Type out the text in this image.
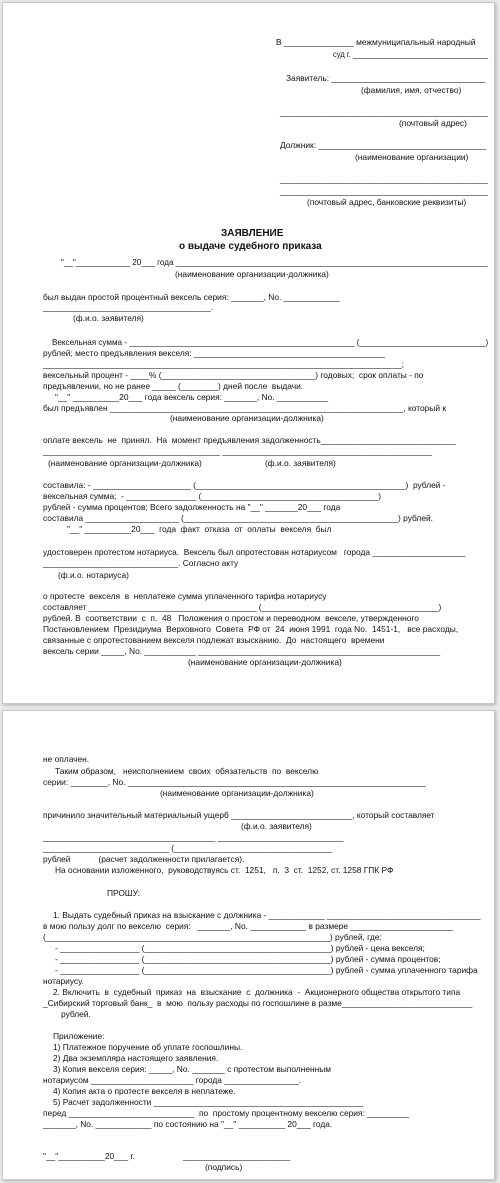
В _______________ межмуниципальный народный
суд г. ________________________________
Заявитель: _________________________________
(фамилия, имя, отчество)
__________________________________________________
(почтовый адрес)
Должник: ____________________________________
(наименование организации)
__________________________________________________
__________________________________________________
(почтовый адрес, банковские реквизиты)
ЗАЯВЛЕНИЕ
о выдаче судебного приказа
"__"____________ 20___ года _____________________________________________________________________
(наименование организации-должника)
был выдан простой процентный вексель серия: _______, No. ____________
____________________________________.
(ф.и.о. заявителя)
Вексельная сумма - __________________________________________________ (____________________________)
рублей; место предъявления векселя: _________________________________________
_____________________________________________________________________________;
вексельный процент - ____% (_________________________________) годовых;  срок оплаты - по
предъявлении, но не ранее _____ (________) дней после  выдачи.
"__" __________20___ года вексель серия: _______, No. ___________
был предъявлен _______________________________________________________________, который к
(наименование организации-должника)
оплате вексель  не  принял.  На  момент предъявления задолженность_____________________________
______________________________________ _____________________________________________
(наименование организации-должника)	(ф.и.о. заявителя)
составила: - _____________________ (_____________________________________________)  рублей -
вексельная сумма;  - _______________ (______________________________________)
рублей - сумма процентов; Всего задолженность на "__" _______20___ года
составила ____________________ (______________________________________________) рублей.
"__" __________20___  года  факт  отказа  от  оплаты  векселя  был
удостоверен протестом нотариуса.  Вексель был опротестован нотариусом   города ____________________
_____________________________. Согласно акту
(ф.и.о. нотариуса)
о протесте  векселя  в  неплатеже сумма уплаченного тарифа нотариусу
составляет ____________________________________ (______________________________________)
рублей. В  соответствии  с  п.  48   Положения о простом и переводном  векселе, утвержденного
Постановлением  Президиума  Верховного  Совета  РФ от  24  июня 1991  года No.  1451-1,   все расходы,
связанные с опротестованием векселя подлежат взысканию.  До  настоящего  времени
вексель серии _____, No. ___________ ____________________________________________________
(наименование организации-должника)
не оплачен.
Таким образом,   неисполнением  своих  обязательств  по  векселю
серии: ________, No. ________________________________________________________________
(наименование организации-должника)
причинило значительный материальный ущерб __________________________, который составляет
(ф.и.о. заявителя)
_____________________________________ ___________________________
___________________________ (__________________________________
рублей            (расчет задолженности прилагается).
На основании изложенного,  руководствуясь ст.  1251,   п.  3  ст.  1252, ст. 1258 ГПК РФ
ПРОШУ:
1. Выдать судебный приказ на взыскание с должника - ____________ _________________________________
в мою пользу долг по векселю  серия:   _______, No. ____________ в размере ______________________
(_____________________________________________________________) рублей, где:
- _________________ (________________________________________) рублей - цена векселя;
- _________________ (________________________________________) рублей - сумма процентов;
- _________________ (________________________________________) рублей - сумма уплаченного тарифа
нотариусу.
2. Включить  в  судебный  приказ  на  взыскание  с  должника  -  Акционерного общества открытого типа
_Сибирский торговый банк_  в  мою  пользу расходы по госпошлине в разме____________________________
рублей.
Приложение:
1) Платежное поручение об уплате госпошлины.
2) Два экземпляра настоящего заявления.
3) Копия векселя серия: _____, No. _______ с протестом выполненным
нотариусом ______________________ города ________________.
4) Копия акта о протесте векселя в неплатеже.
5) Расчет задолженности _____________________________________________
перед ___________________________  по  простому процентному векселю серия: _________
_______, No. ____________ по состоянию на "__" __________ 20___ года.
"__"__________20___ г.	_______________________
(подпись)
